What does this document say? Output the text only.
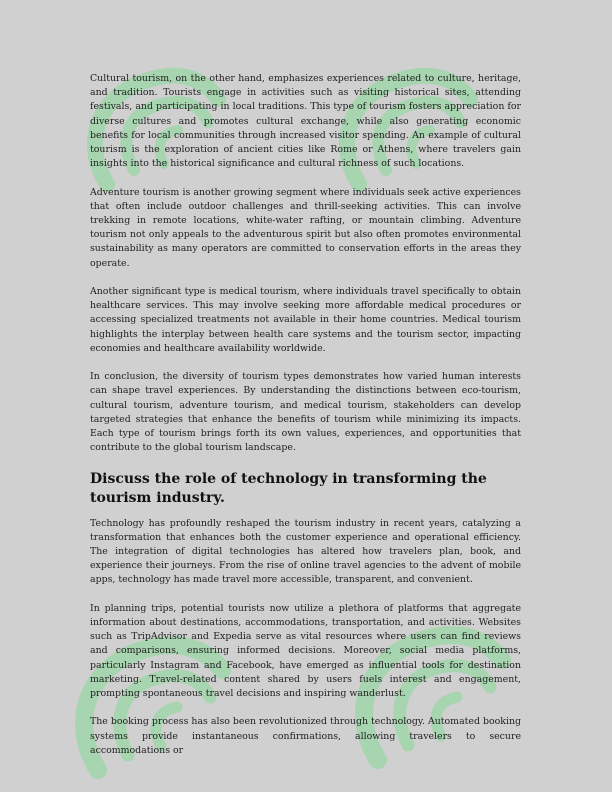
Cultural tourism, on the other hand, emphasizes experiences related to culture, heritage, and tradition. Tourists engage in activities such as visiting historical sites, attending festivals, and participating in local traditions. This type of tourism fosters appreciation for diverse cultures and promotes cultural exchange, while also generating economic benefits for local communities through increased visitor spending. An example of cultural tourism is the exploration of ancient cities like Rome or Athens, where travelers gain insights into the historical significance and cultural richness of such locations.

Adventure tourism is another growing segment where individuals seek active experiences that often include outdoor challenges and thrill-seeking activities. This can involve trekking in remote locations, white-water rafting, or mountain climbing. Adventure tourism not only appeals to the adventurous spirit but also often promotes environmental sustainability as many operators are committed to conservation efforts in the areas they operate.

Another significant type is medical tourism, where individuals travel specifically to obtain healthcare services. This may involve seeking more affordable medical procedures or accessing specialized treatments not available in their home countries. Medical tourism highlights the interplay between health care systems and the tourism sector, impacting economies and healthcare availability worldwide.

In conclusion, the diversity of tourism types demonstrates how varied human interests can shape travel experiences. By understanding the distinctions between eco-tourism, cultural tourism, adventure tourism, and medical tourism, stakeholders can develop targeted strategies that enhance the benefits of tourism while minimizing its impacts. Each type of tourism brings forth its own values, experiences, and opportunities that contribute to the global tourism landscape.

Discuss the role of technology in transforming the tourism industry.

Technology has profoundly reshaped the tourism industry in recent years, catalyzing a transformation that enhances both the customer experience and operational efficiency. The integration of digital technologies has altered how travelers plan, book, and experience their journeys. From the rise of online travel agencies to the advent of mobile apps, technology has made travel more accessible, transparent, and convenient.

In planning trips, potential tourists now utilize a plethora of platforms that aggregate information about destinations, accommodations, transportation, and activities. Websites such as TripAdvisor and Expedia serve as vital resources where users can find reviews and comparisons, ensuring informed decisions. Moreover, social media platforms, particularly Instagram and Facebook, have emerged as influential tools for destination marketing. Travel-related content shared by users fuels interest and engagement, prompting spontaneous travel decisions and inspiring wanderlust.

The booking process has also been revolutionized through technology. Automated booking systems provide instantaneous confirmations, allowing travelers to secure accommodations or
